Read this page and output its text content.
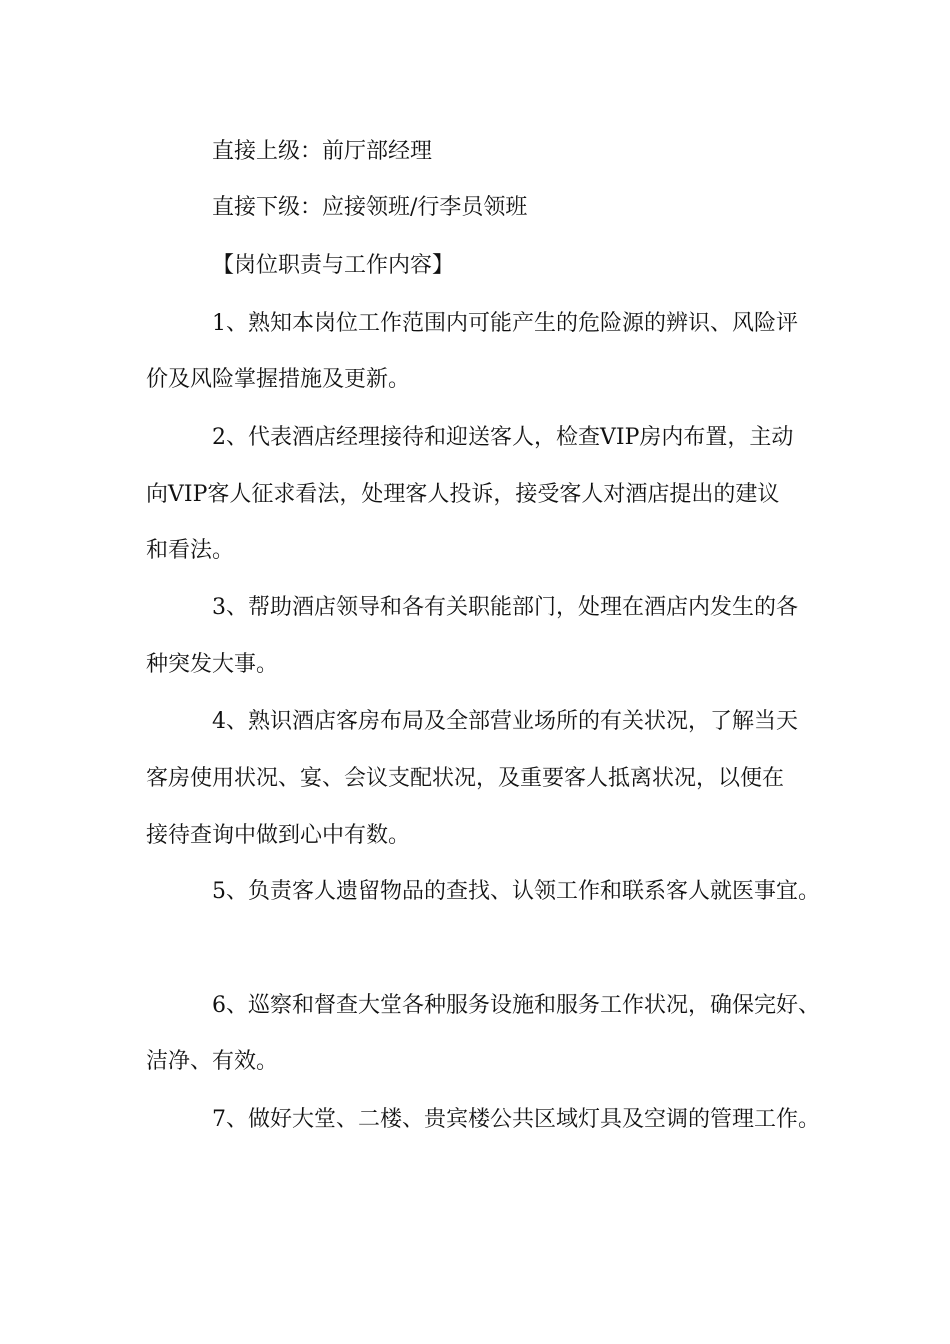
直接上级：前厅部经理
直接下级：应接领班/行李员领班
【岗位职责与工作内容】
1、熟知本岗位工作范围内可能产生的危险源的辨识、风险评
价及风险掌握措施及更新。
2、代表酒店经理接待和迎送客人，检查VIP房内布置，主动
向VIP客人征求看法，处理客人投诉，接受客人对酒店提出的建议
和看法。
3、帮助酒店领导和各有关职能部门，处理在酒店内发生的各
种突发大事。
4、熟识酒店客房布局及全部营业场所的有关状况，了解当天
客房使用状况、宴、会议支配状况，及重要客人抵离状况，以便在
接待查询中做到心中有数。
5、负责客人遗留物品的查找、认领工作和联系客人就医事宜。
6、巡察和督查大堂各种服务设施和服务工作状况，确保完好、
洁净、有效。
7、做好大堂、二楼、贵宾楼公共区域灯具及空调的管理工作。
